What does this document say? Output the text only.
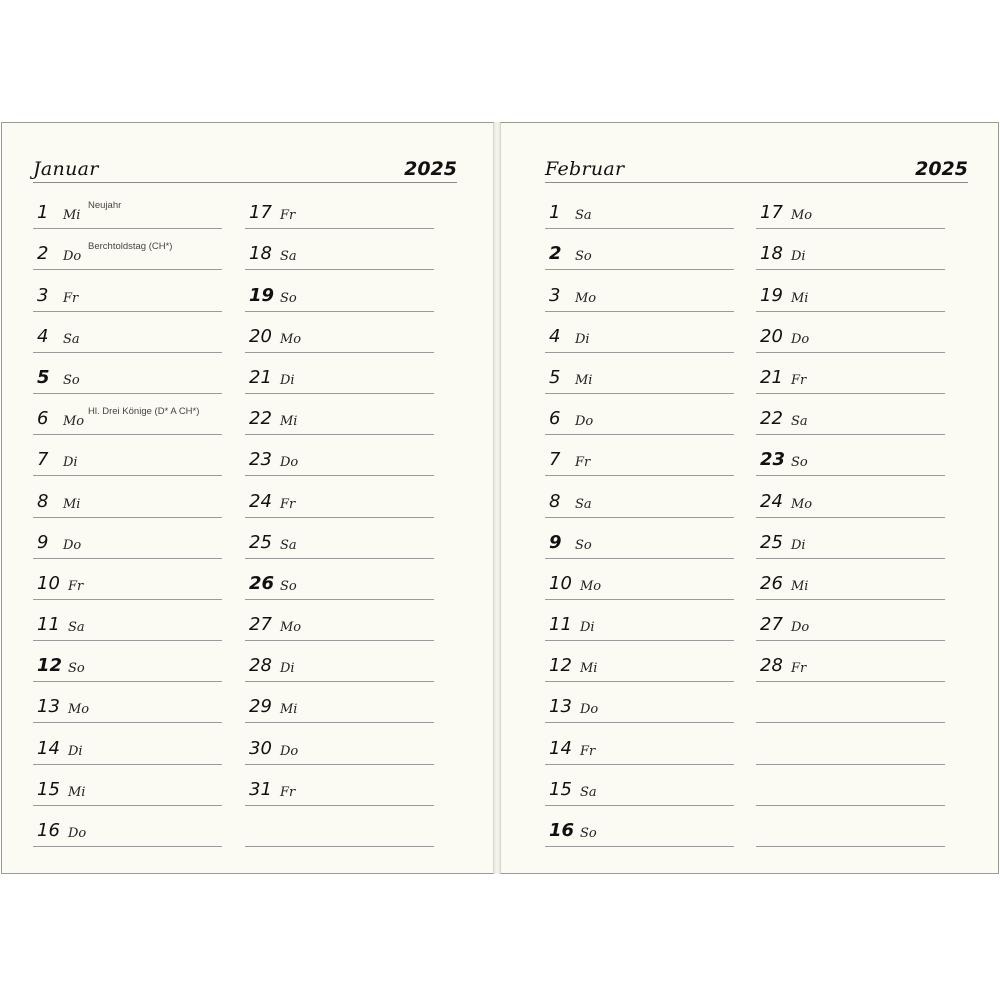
Januar	2025	Februar	2025
1 Mi
Neujahr
2 Do
Berchtoldstag (CH*)
3 Fr
4 Sa
5 So
6 Mo
Hl. Drei Könige (D* A CH*)
7 Di
8 Mi
9 Do
10 Fr
11 Sa
12 So
13 Mo
14 Di
15 Mi
16 Do
17 Fr
18 Sa
19 So
20 Mo
21 Di
22 Mi
23 Do
24 Fr
25 Sa
26 So
27 Mo
28 Di
29 Mi
30 Do
31 Fr
1 Sa
2 So
3 Mo
4 Di
5 Mi
6 Do
7 Fr
8 Sa
9 So
10 Mo
11 Di
12 Mi
13 Do
14 Fr
15 Sa
16 So
17 Mo
18 Di
19 Mi
20 Do
21 Fr
22 Sa
23 So
24 Mo
25 Di
26 Mi
27 Do
28 Fr
